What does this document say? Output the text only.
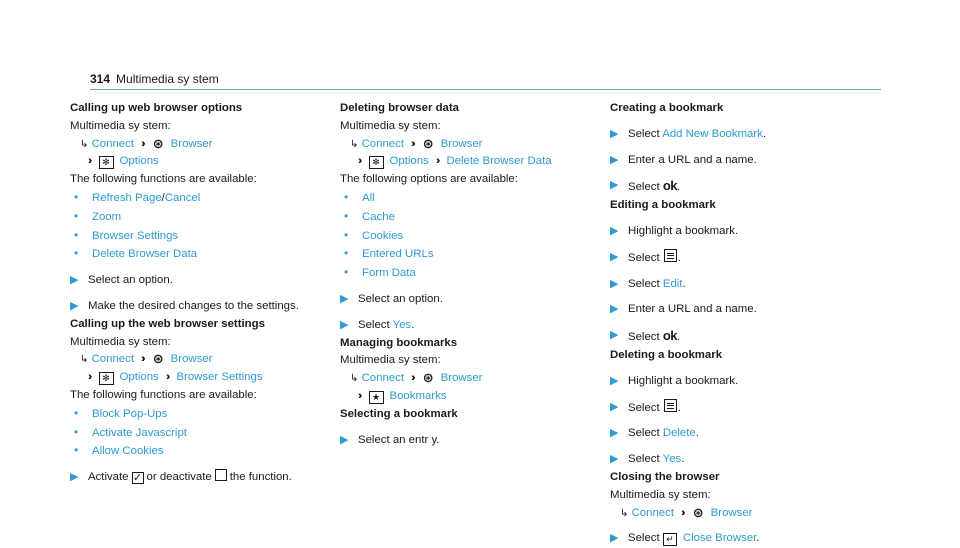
314 Multimedia sy stem
Calling up web browser options
Multimedia sy stem:
↳ Connect ›› ⊛ Browser
›› ✻ Options
The following functions are available:
•Refresh Page/Cancel
•Zoom
•Browser Settings
•Delete Browser Data
▶ Select an option.
▶ Make the desired changes to the settings.
Calling up the web browser settings
Multimedia sy stem:
↳ Connect ›› ⊛ Browser
›› ✻ Options ›› Browser Settings
The following functions are available:
•Block Pop-Ups
•Activate Javascript
•Allow Cookies
▶ Activate ✓ or deactivate the function.
Deleting browser data
Multimedia sy stem:
↳ Connect ›› ⊛ Browser
›› ✻ Options ›› Delete Browser Data
The following options are available:
•All
•Cache
•Cookies
•Entered URLs
•Form Data
▶ Select an option.
▶ Select Yes.
Managing bookmarks
Multimedia sy stem:
↳ Connect ›› ⊛ Browser
›› ★ Bookmarks
Selecting a bookmark
▶ Select an entr y.
Creating a bookmark
▶ Select Add New Bookmark.
▶ Enter a URL and a name.
▶ Select ok.
Editing a bookmark
▶ Highlight a bookmark.
▶ Select .
▶ Select Edit.
▶ Enter a URL and a name.
▶ Select ok.
Deleting a bookmark
▶ Highlight a bookmark.
▶ Select .
▶ Select Delete.
▶ Select Yes.
Closing the browser
Multimedia sy stem:
↳ Connect ›› ⊛ Browser
▶ Select ↵ Close Browser.
